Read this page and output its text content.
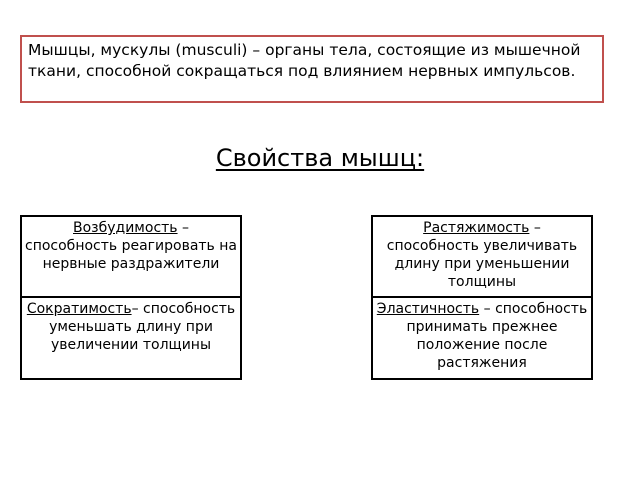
Мышцы, мускулы (musculi) – органы тела, состоящие из мышечной ткани, способной сокращаться под влиянием нервных импульсов.
Свойства мышц:
Возбудимость – способность реагировать на нервные раздражители
Растяжимость – способность увеличивать длину при уменьшении толщины
Сократимость– способность уменьшать длину при увеличении толщины
Эластичность – способность принимать прежнее положение после растяжения
